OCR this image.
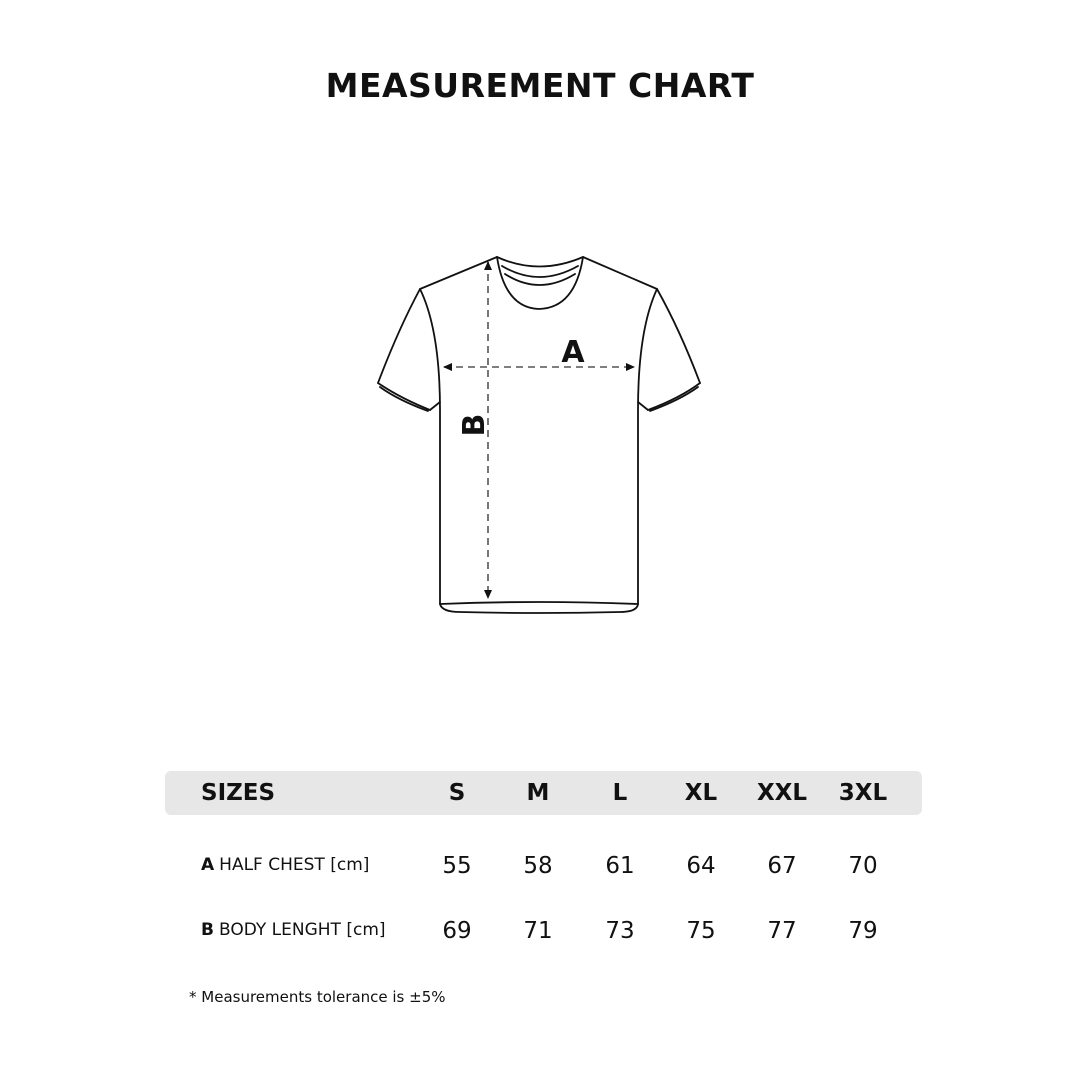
MEASUREMENT CHART
A
B
SIZES	S	M	L	XL	XXL	3XL
A HALF CHEST [cm]	55	58	61	64	67	70
B BODY LENGHT [cm]	69	71	73	75	77	79
* Measurements tolerance is ±5%
